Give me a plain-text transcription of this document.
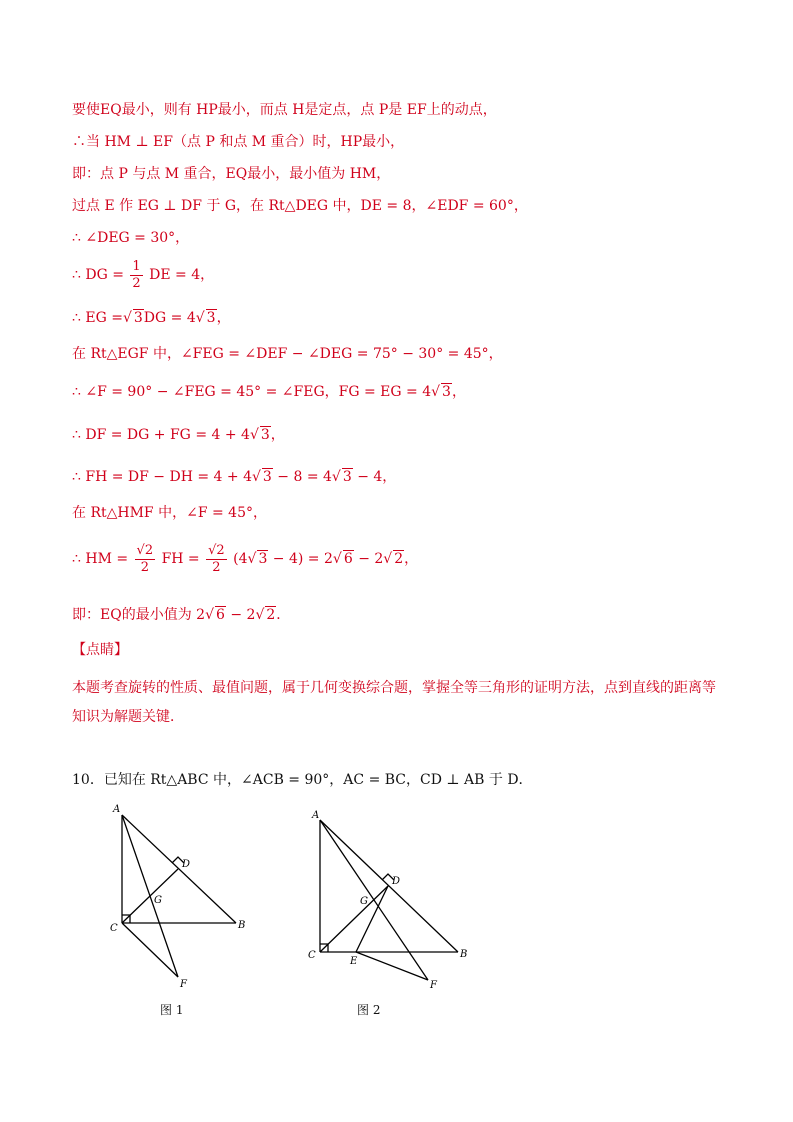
要使EQ最小，则有 HP最小，而点 H是定点，点 P是 EF上的动点，
∴当 HM ⊥ EF（点 P 和点 M 重合）时，HP最小，
即：点 P 与点 M 重合，EQ最小，最小值为 HM，
过点 E 作 EG ⊥ DF 于 G，在 Rt△DEG 中，DE = 8，∠EDF = 60°，
∴ ∠DEG = 30°，
∴ DG = $\frac{1}{2}$ DE = 4，
∴ EG =√ 3DG = 4√ 3，
在 Rt△EGF 中，∠FEG = ∠DEF − ∠DEG = 75° − 30° = 45°，
∴ ∠F = 90° − ∠FEG = 45° = ∠FEG，FG = EG = 4√ 3，
∴ DF = DG + FG = 4 + 4√ 3，
∴ FH = DF − DH = 4 + 4√ 3 − 8 = 4√ 3 − 4，
在 Rt△HMF 中，∠F = 45°，
∴ HM = $\frac{√2}{2}$ FH = $\frac{√2}{2} (4√$ 3 − 4) = 2√ 6 − 2√ 2，
即：EQ的最小值为 2√ 6 − 2√ 2．
【点睛】
本题考查旋转的性质、最值问题，属于几何变换综合题，掌握全等三角形的证明方法，点到直线的距离等知识为解题关键．
10．已知在 Rt△ABC 中，∠ACB = 90°，AC = BC，CD ⊥ AB 于 D．
A
B
C
D
G
F
图 1
A
B
C
D
G
E
F
图 2
